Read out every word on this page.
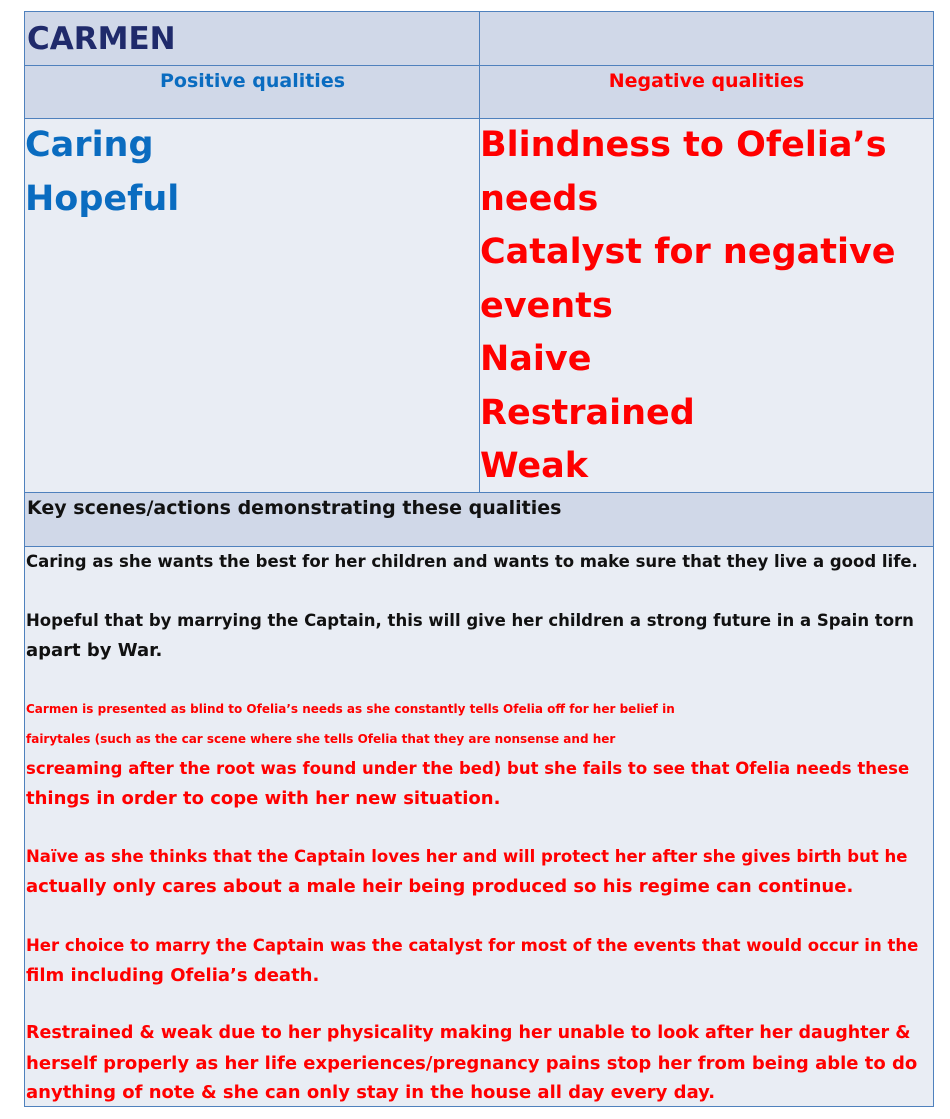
CARMEN
Positive qualities	Negative qualities
Caring
Hopeful
Blindness to Ofelia’s
needs
Catalyst for negative
events
Naive
Restrained
Weak
Key scenes/actions demonstrating these qualities

Caring as she wants the best for her children and wants to make sure that they live a good life.

Hopeful that by marrying the Captain, this will give her children a strong future in a Spain torn

apart by War.

Carmen is presented as blind to Ofelia’s needs as she constantly tells Ofelia off for her belief in

fairytales (such as the car scene where she tells Ofelia that they are nonsense and her

screaming after the root was found under the bed) but she fails to see that Ofelia needs these

things in order to cope with her new situation.

Naïve as she thinks that the Captain loves her and will protect her after she gives birth but he

actually only cares about a male heir being produced so his regime can continue.

Her choice to marry the Captain was the catalyst for most of the events that would occur in the

film including Ofelia’s death.

Restrained & weak due to her physicality making her unable to look after her daughter &

herself properly as her life experiences/pregnancy pains stop her from being able to do

anything of note & she can only stay in the house all day every day.
